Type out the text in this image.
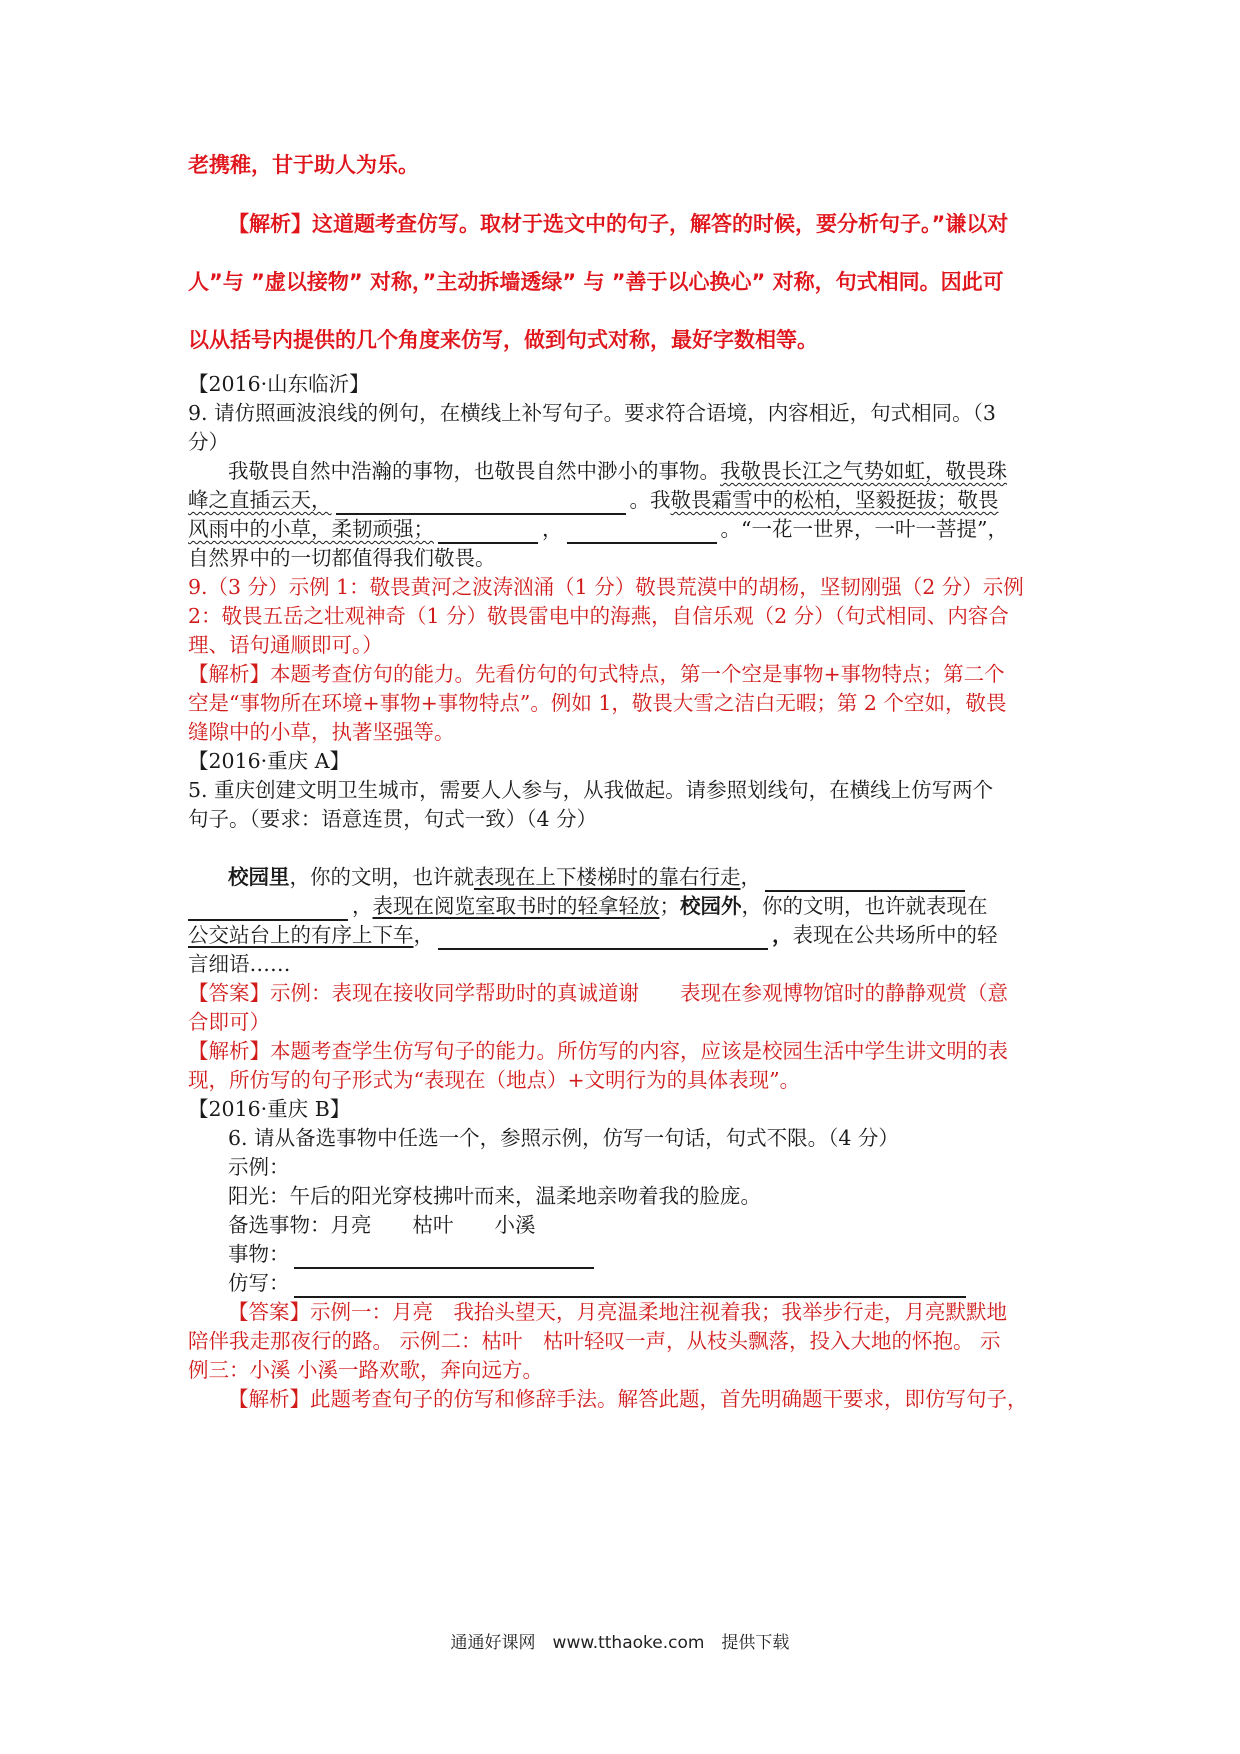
老携稚，甘于助人为乐。
【解析】这道题考查仿写。取材于选文中的句子，解答的时候，要分析句子。”谦以对
人”与 ”虚以接物” 对称，”主动拆墙透绿” 与 ”善于以心换心” 对称，句式相同。因此可
以从括号内提供的几个角度来仿写，做到句式对称，最好字数相等。
【2016·山东临沂】
9. 请仿照画波浪线的例句，在横线上补写句子。要求符合语境，内容相近，句式相同。（3
分）
我敬畏自然中浩瀚的事物，也敬畏自然中渺小的事物。我敬畏长江之气势如虹，敬畏珠
峰之直插云天，	。我敬畏霜雪中的松柏，坚毅挺拔；敬畏
风雨中的小草，柔韧顽强；	，	。“一花一世界，一叶一菩提”，
自然界中的一切都值得我们敬畏。
9.（3 分）示例 1：敬畏黄河之波涛汹涌（1 分）敬畏荒漠中的胡杨，坚韧刚强（2 分）示例
2：敬畏五岳之壮观神奇（1 分）敬畏雷电中的海燕，自信乐观（2 分）（句式相同、内容合
理、语句通顺即可。）
【解析】本题考查仿句的能力。先看仿句的句式特点，第一个空是事物+事物特点；第二个
空是“事物所在环境+事物+事物特点”。例如 1，敬畏大雪之洁白无暇；第 2 个空如，敬畏
缝隙中的小草，执著坚强等。
【2016·重庆 A】
5. 重庆创建文明卫生城市，需要人人参与，从我做起。请参照划线句，在横线上仿写两个
句子。（要求：语意连贯，句式一致）（4 分）
校园里，你的文明，也许就表现在上下楼梯时的靠右行走，
，表现在阅览室取书时的轻拿轻放；校园外，你的文明，也许就表现在
公交站台上的有序上下车，	，表现在公共场所中的轻
言细语……
【答案】示例：表现在接收同学帮助时的真诚道谢　　表现在参观博物馆时的静静观赏（意
合即可）
【解析】本题考查学生仿写句子的能力。所仿写的内容，应该是校园生活中学生讲文明的表
现，所仿写的句子形式为“表现在（地点）+文明行为的具体表现”。
【2016·重庆 B】
6. 请从备选事物中任选一个，参照示例，仿写一句话，句式不限。（4 分）
示例：
阳光：午后的阳光穿枝拂叶而来，温柔地亲吻着我的脸庞。
备选事物：月亮　　枯叶　　小溪
事物：
仿写：
【答案】示例一：月亮　我抬头望天，月亮温柔地注视着我；我举步行走，月亮默默地
陪伴我走那夜行的路。 示例二：枯叶　枯叶轻叹一声，从枝头飘落，投入大地的怀抱。 示
例三：小溪 小溪一路欢歌，奔向远方。
【解析】此题考查句子的仿写和修辞手法。解答此题，首先明确题干要求，即仿写句子，
通通好课网　www.tthaoke.com　提供下载
